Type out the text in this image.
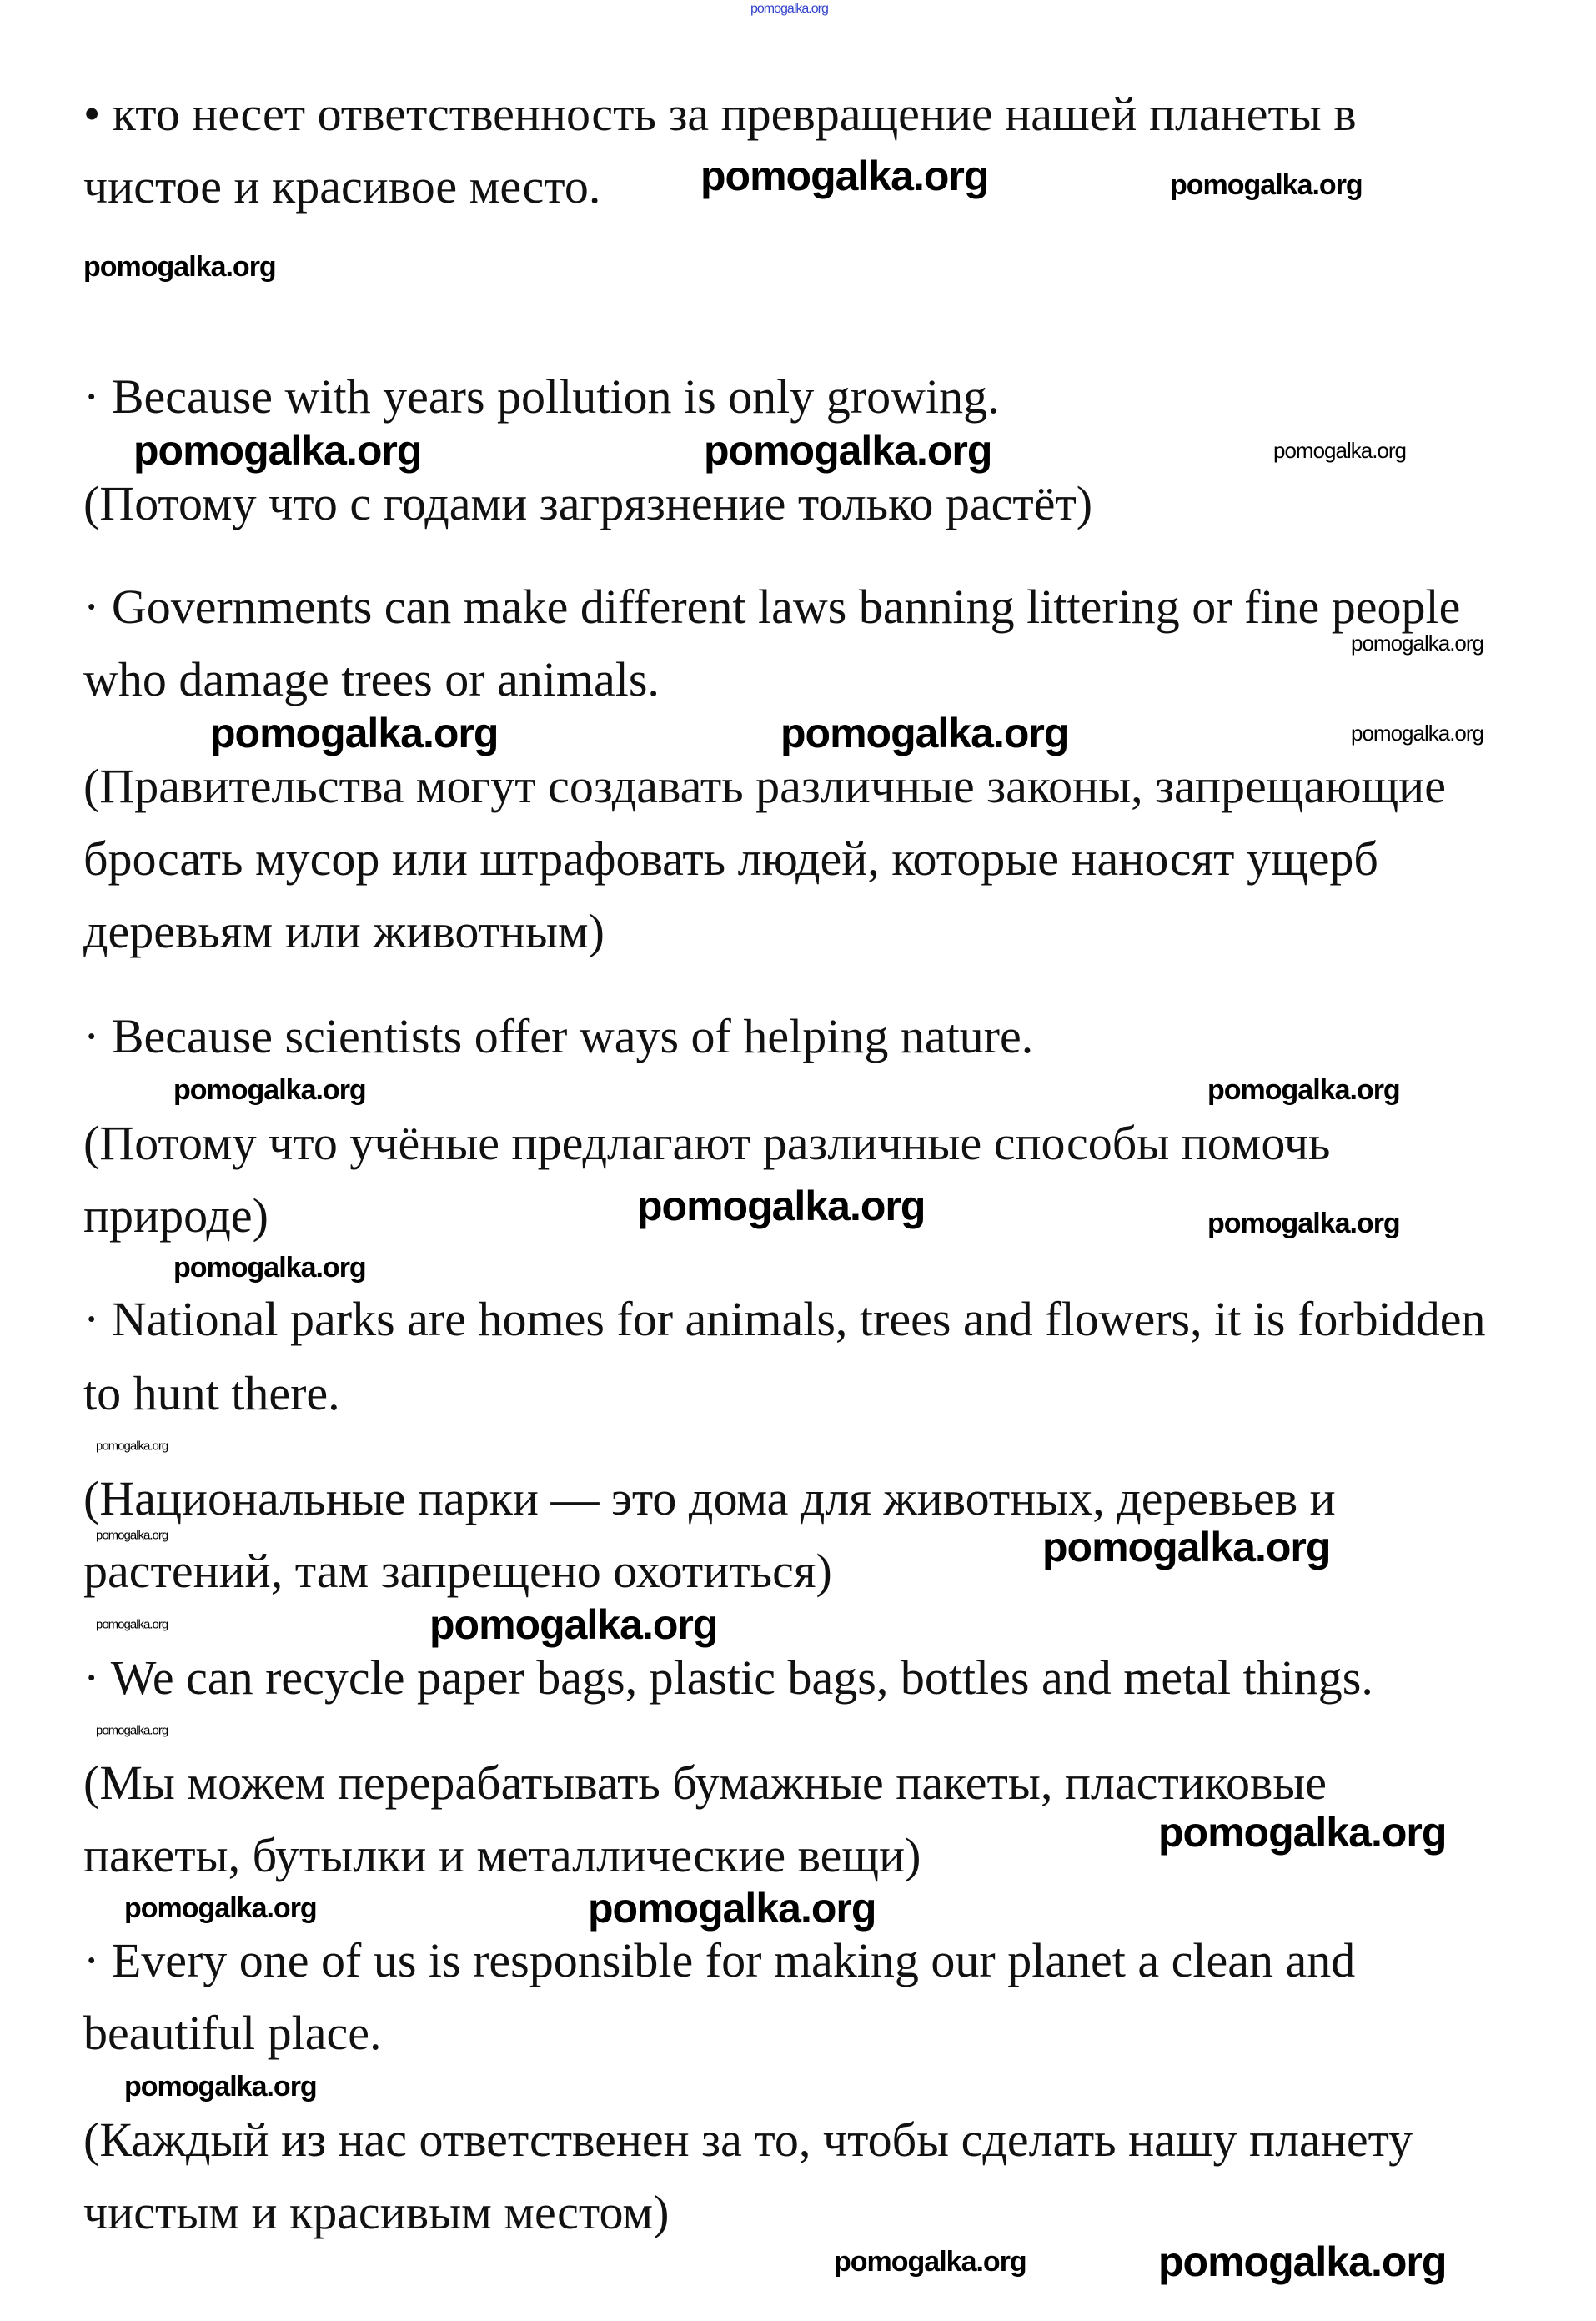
pomogalka.org
• кто несет ответственность за превращение нашей планеты в
чистое и красивое место.
· Because with years pollution is only growing.
(Потому что с годами загрязнение только растёт)
· Governments can make different laws banning littering or fine people
who damage trees or animals.
(Правительства могут создавать различные законы, запрещающие
бросать мусор или штрафовать людей, которые наносят ущерб
деревьям или животным)
· Because scientists offer ways of helping nature.
(Потому что учёные предлагают различные способы помочь
природе)
· National parks are homes for animals, trees and flowers, it is forbidden
to hunt there.
(Национальные парки — это дома для животных, деревьев и
растений, там запрещено охотиться)
· We can recycle paper bags, plastic bags, bottles and metal things.
(Мы можем перерабатывать бумажные пакеты, пластиковые
пакеты, бутылки и металлические вещи)
· Every one of us is responsible for making our planet a clean and
beautiful place.
(Каждый из нас ответственен за то, чтобы сделать нашу планету
чистым и красивым местом)
pomogalka.org
pomogalka.org	pomogalka.org
pomogalka.org	pomogalka.org	pomogalka.org
pomogalka.org
pomogalka.org	pomogalka.org	pomogalka.org
pomogalka.org
pomogalka.org
pomogalka.org	pomogalka.org
pomogalka.org
pomogalka.org
pomogalka.org	pomogalka.org
pomogalka.org
pomogalka.org
pomogalka.org
pomogalka.org
pomogalka.org	pomogalka.org
pomogalka.org
pomogalka.org	pomogalka.org
